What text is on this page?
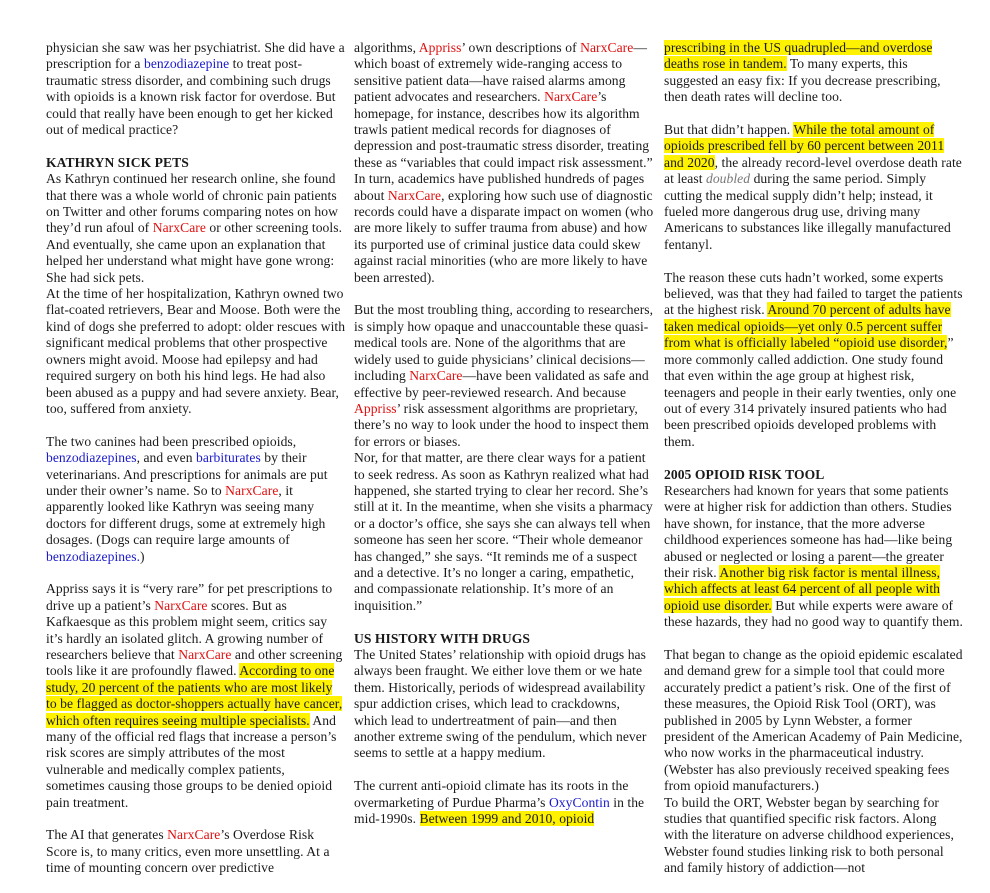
physician she saw was her psychiatrist. She did have a prescription for a benzodiazepine to treat post-traumatic stress disorder, and combining such drugs with opioids is a known risk factor for overdose. But could that really have been enough to get her kicked out of medical practice?

KATHRYN SICK PETS

As Kathryn continued her research online, she found that there was a whole world of chronic pain patients on Twitter and other forums comparing notes on how they’d run afoul of NarxCare or other screening tools. And eventually, she came upon an explanation that helped her understand what might have gone wrong: She had sick pets.

At the time of her hospitalization, Kathryn owned two flat-coated retrievers, Bear and Moose. Both were the kind of dogs she preferred to adopt: older rescues with significant medical problems that other prospective owners might avoid. Moose had epilepsy and had required surgery on both his hind legs. He had also been abused as a puppy and had severe anxiety. Bear, too, suffered from anxiety.

The two canines had been prescribed opioids, benzodiazepines, and even barbiturates by their veterinarians. And prescriptions for animals are put under their owner’s name. So to NarxCare, it apparently looked like Kathryn was seeing many doctors for different drugs, some at extremely high dosages. (Dogs can require large amounts of benzodiazepines.)

Appriss says it is “very rare” for pet prescriptions to drive up a patient’s NarxCare scores. But as Kafkaesque as this problem might seem, critics say it’s hardly an isolated glitch. A growing number of researchers believe that NarxCare and other screening tools like it are profoundly flawed. According to one study, 20 percent of the patients who are most likely to be flagged as doctor-shoppers actually have cancer, which often requires seeing multiple specialists. And many of the official red flags that increase a person’s risk scores are simply attributes of the most vulnerable and medically complex patients, sometimes causing those groups to be denied opioid pain treatment.

The AI that generates NarxCare’s Overdose Risk Score is, to many critics, even more unsettling. At a time of mounting concern over predictive

algorithms, Appriss’ own descriptions of NarxCare—which boast of extremely wide-ranging access to sensitive patient data—have raised alarms among patient advocates and researchers. NarxCare’s homepage, for instance, describes how its algorithm trawls patient medical records for diagnoses of depression and post-traumatic stress disorder, treating these as “variables that could impact risk assessment.” In turn, academics have published hundreds of pages about NarxCare, exploring how such use of diagnostic records could have a disparate impact on women (who are more likely to suffer trauma from abuse) and how its purported use of criminal justice data could skew against racial minorities (who are more likely to have been arrested).

But the most troubling thing, according to researchers, is simply how opaque and unaccountable these quasi-medical tools are. None of the algorithms that are widely used to guide physicians’ clinical decisions—including NarxCare—have been validated as safe and effective by peer-reviewed research. And because Appriss’ risk assessment algorithms are proprietary, there’s no way to look under the hood to inspect them for errors or biases.

Nor, for that matter, are there clear ways for a patient to seek redress. As soon as Kathryn realized what had happened, she started trying to clear her record. She’s still at it. In the meantime, when she visits a pharmacy or a doctor’s office, she says she can always tell when someone has seen her score. “Their whole demeanor has changed,” she says. “It reminds me of a suspect and a detective. It’s no longer a caring, empathetic, and compassionate relationship. It’s more of an inquisition.”

US HISTORY WITH DRUGS

The United States’ relationship with opioid drugs has always been fraught. We either love them or we hate them. Historically, periods of widespread availability spur addiction crises, which lead to crackdowns, which lead to undertreatment of pain—and then another extreme swing of the pendulum, which never seems to settle at a happy medium.

The current anti-opioid climate has its roots in the overmarketing of Purdue Pharma’s OxyContin in the mid-1990s. Between 1999 and 2010, opioid

prescribing in the US quadrupled—and overdose deaths rose in tandem. To many experts, this suggested an easy fix: If you decrease prescribing, then death rates will decline too.

But that didn’t happen. While the total amount of opioids prescribed fell by 60 percent between 2011 and 2020, the already record-level overdose death rate at least doubled during the same period. Simply cutting the medical supply didn’t help; instead, it fueled more dangerous drug use, driving many Americans to substances like illegally manufactured fentanyl.

The reason these cuts hadn’t worked, some experts believed, was that they had failed to target the patients at the highest risk. Around 70 percent of adults have taken medical opioids—yet only 0.5 percent suffer from what is officially labeled “opioid use disorder,” more commonly called addiction. One study found that even within the age group at highest risk, teenagers and people in their early twenties, only one out of every 314 privately insured patients who had been prescribed opioids developed problems with them.

2005 OPIOID RISK TOOL

Researchers had known for years that some patients were at higher risk for addiction than others. Studies have shown, for instance, that the more adverse childhood experiences someone has had—like being abused or neglected or losing a parent—the greater their risk. Another big risk factor is mental illness, which affects at least 64 percent of all people with opioid use disorder. But while experts were aware of these hazards, they had no good way to quantify them.

That began to change as the opioid epidemic escalated and demand grew for a simple tool that could more accurately predict a patient’s risk. One of the first of these measures, the Opioid Risk Tool (ORT), was published in 2005 by Lynn Webster, a former president of the American Academy of Pain Medicine, who now works in the pharmaceutical industry. (Webster has also previously received speaking fees from opioid manufacturers.)

To build the ORT, Webster began by searching for studies that quantified specific risk factors. Along with the literature on adverse childhood experiences, Webster found studies linking risk to both personal and family history of addiction—not
